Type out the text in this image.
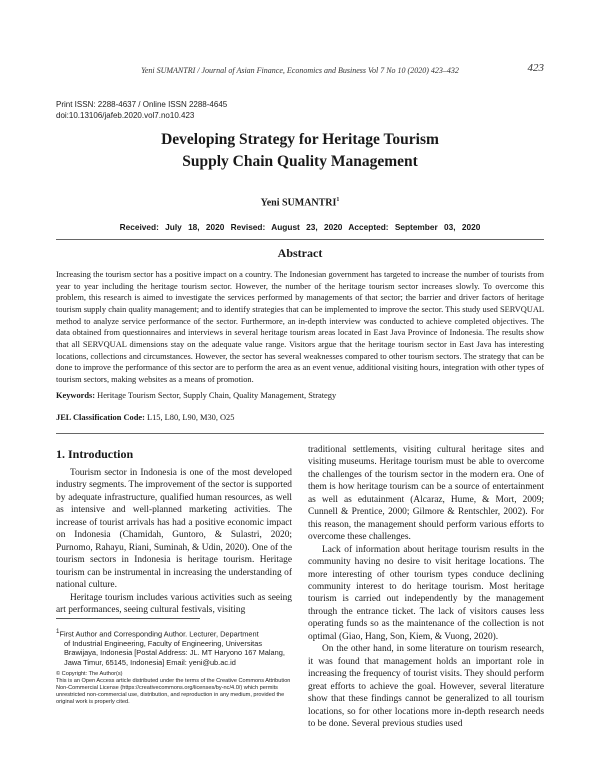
Yeni SUMANTRI / Journal of Asian Finance, Economics and Business Vol 7 No 10 (2020) 423–432	423
Print ISSN: 2288-4637 / Online ISSN 2288-4645
doi:10.13106/jafeb.2020.vol7.no10.423
Developing Strategy for Heritage Tourism
Supply Chain Quality Management
Yeni SUMANTRI$^1$
Received: July 18, 2020 Revised: August 23, 2020 Accepted: September 03, 2020
Abstract
Increasing the tourism sector has a positive impact on a country. The Indonesian government has targeted to increase the number of tourists from year to year including the heritage tourism sector. However, the number of the heritage tourism sector increases slowly. To overcome this problem, this research is aimed to investigate the services performed by managements of that sector; the barrier and driver factors of heritage tourism supply chain quality management; and to identify strategies that can be implemented to improve the sector. This study used SERVQUAL method to analyze service performance of the sector. Furthermore, an in-depth interview was conducted to achieve completed objectives. The data obtained from questionnaires and interviews in several heritage tourism areas located in East Java Province of Indonesia. The results show that all SERVQUAL dimensions stay on the adequate value range. Visitors argue that the heritage tourism sector in East Java has interesting locations, collections and circumstances. However, the sector has several weaknesses compared to other tourism sectors. The strategy that can be done to improve the performance of this sector are to perform the area as an event venue, additional visiting hours, integration with other types of tourism sectors, making websites as a means of promotion.
Keywords: Heritage Tourism Sector, Supply Chain, Quality Management, Strategy
JEL Classification Code: L15, L80, L90, M30, O25
1. Introduction

Tourism sector in Indonesia is one of the most developed industry segments. The improvement of the sector is supported by adequate infrastructure, qualified human resources, as well as intensive and well-planned marketing activities. The increase of tourist arrivals has had a positive economic impact on Indonesia (Chamidah, Guntoro, & Sulastri, 2020; Purnomo, Rahayu, Riani, Suminah, & Udin, 2020). One of the tourism sectors in Indonesia is heritage tourism. Heritage tourism can be instrumental in increasing the understanding of national culture.

Heritage tourism includes various activities such as seeing art performances, seeing cultural festivals, visiting

traditional settlements, visiting cultural heritage sites and visiting museums. Heritage tourism must be able to overcome the challenges of the tourism sector in the modern era. One of them is how heritage tourism can be a source of entertainment as well as edutainment (Alcaraz, Hume, & Mort, 2009; Cunnell & Prentice, 2000; Gilmore & Rentschler, 2002). For this reason, the management should perform various efforts to overcome these challenges.

Lack of information about heritage tourism results in the community having no desire to visit heritage locations. The more interesting of other tourism types conduce declining community interest to do heritage tourism. Most heritage tourism is carried out independently by the management through the entrance ticket. The lack of visitors causes less operating funds so as the maintenance of the collection is not optimal (Giao, Hang, Son, Kiem, & Vuong, 2020).

On the other hand, in some literature on tourism research, it was found that management holds an important role in increasing the frequency of tourist visits. They should perform great efforts to achieve the goal. However, several literature show that these findings cannot be generalized to all tourism locations, so for other locations more in-depth research needs to be done. Several previous studies used

$^1$First Author and Corresponding Author. Lecturer, Department
of Industrial Engineering, Faculty of Engineering, Universitas Brawijaya, Indonesia [Postal Address: JL. MT Haryono 167 Malang, Jawa Timur, 65145, Indonesia] Email: yeni@ub.ac.id
© Copyright: The Author(s)
This is an Open Access article distributed under the terms of the Creative Commons Attribution Non-Commercial License (https://creativecommons.org/licenses/by-nc/4.0/) which permits unrestricted non-commercial use, distribution, and reproduction in any medium, provided the original work is properly cited.
